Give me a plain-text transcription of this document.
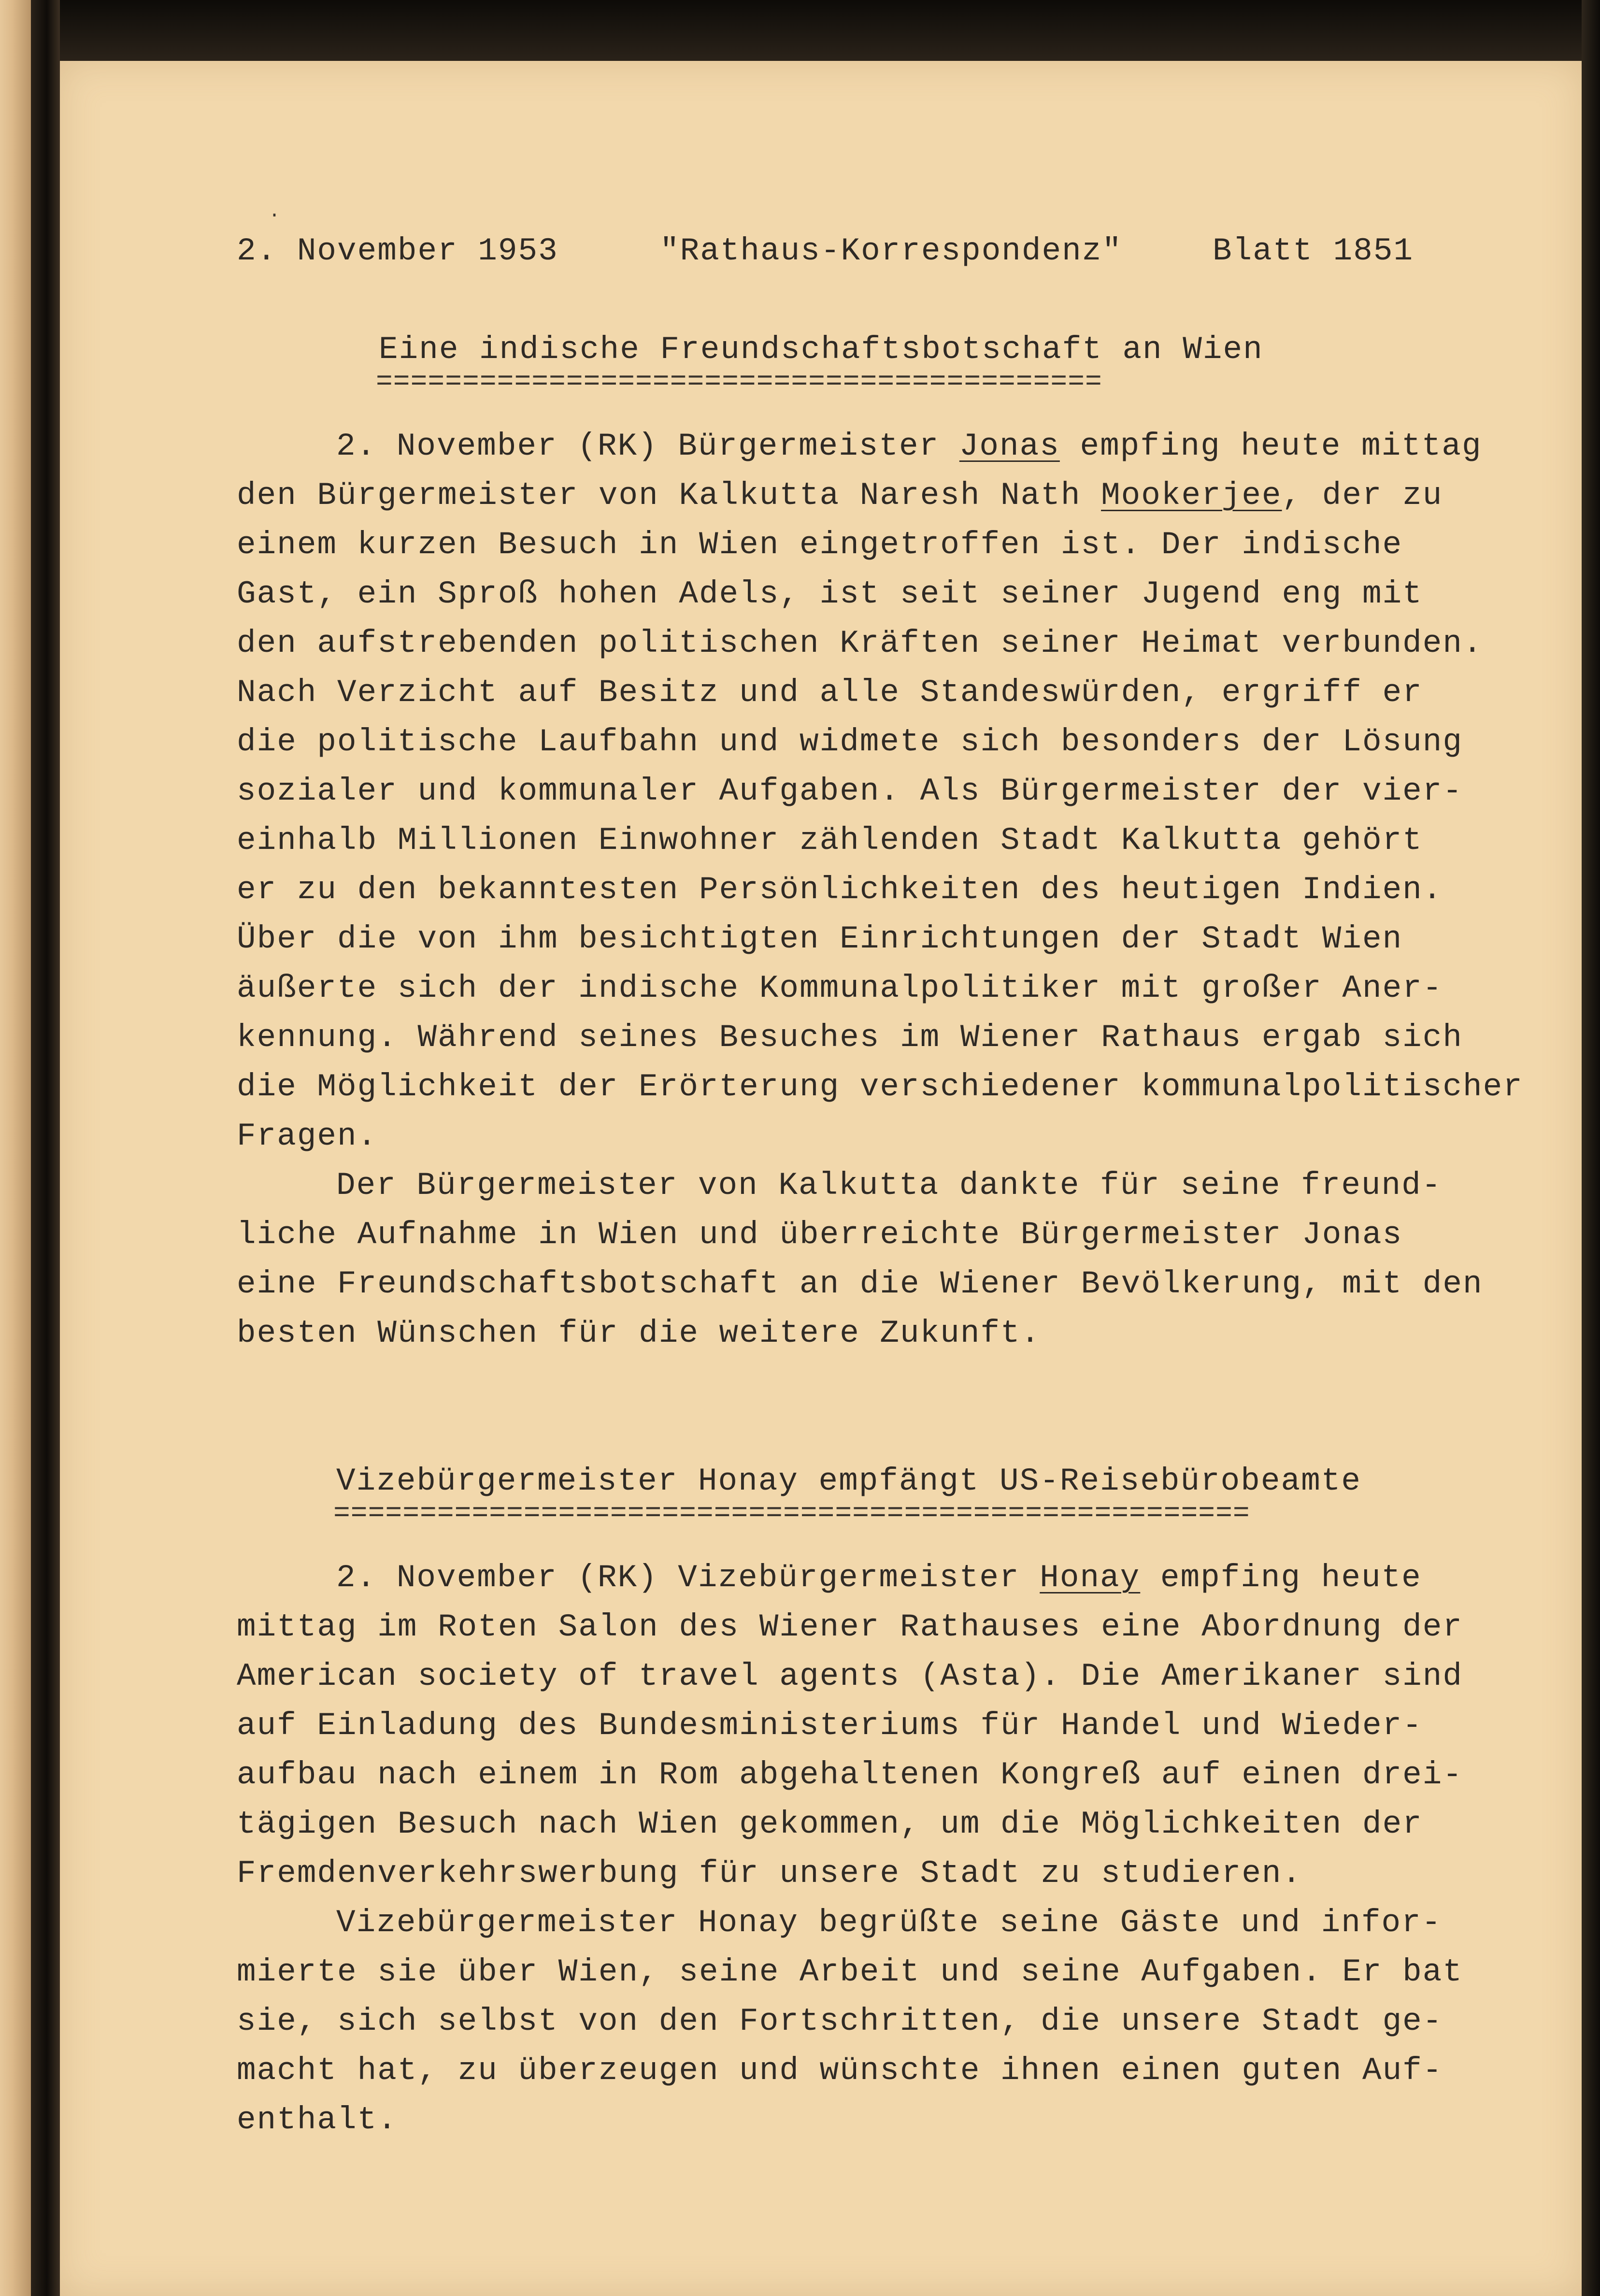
.
2. November 1953	"Rathaus-Korrespondenz"	Blatt 1851
Eine indische Freundschaftsbotschaft an Wien
==========================================
2. November (RK) Bürgermeister Jonas empfing heute mittag
den Bürgermeister von Kalkutta Naresh Nath Mookerjee, der zu
einem kurzen Besuch in Wien eingetroffen ist. Der indische
Gast, ein Sproß hohen Adels, ist seit seiner Jugend eng mit
den aufstrebenden politischen Kräften seiner Heimat verbunden.
Nach Verzicht auf Besitz und alle Standeswürden, ergriff er
die politische Laufbahn und widmete sich besonders der Lösung
sozialer und kommunaler Aufgaben. Als Bürgermeister der vier-
einhalb Millionen Einwohner zählenden Stadt Kalkutta gehört
er zu den bekanntesten Persönlichkeiten des heutigen Indien.
Über die von ihm besichtigten Einrichtungen der Stadt Wien
äußerte sich der indische Kommunalpolitiker mit großer Aner-
kennung. Während seines Besuches im Wiener Rathaus ergab sich
die Möglichkeit der Erörterung verschiedener kommunalpolitischer
Fragen.
Der Bürgermeister von Kalkutta dankte für seine freund-
liche Aufnahme in Wien und überreichte Bürgermeister Jonas
eine Freundschaftsbotschaft an die Wiener Bevölkerung, mit den
besten Wünschen für die weitere Zukunft.
Vizebürgermeister Honay empfängt US-Reisebürobeamte
=====================================================
2. November (RK) Vizebürgermeister Honay empfing heute
mittag im Roten Salon des Wiener Rathauses eine Abordnung der
American society of travel agents (Asta). Die Amerikaner sind
auf Einladung des Bundesministeriums für Handel und Wieder-
aufbau nach einem in Rom abgehaltenen Kongreß auf einen drei-
tägigen Besuch nach Wien gekommen, um die Möglichkeiten der
Fremdenverkehrswerbung für unsere Stadt zu studieren.
Vizebürgermeister Honay begrüßte seine Gäste und infor-
mierte sie über Wien, seine Arbeit und seine Aufgaben. Er bat
sie, sich selbst von den Fortschritten, die unsere Stadt ge-
macht hat, zu überzeugen und wünschte ihnen einen guten Auf-
enthalt.
